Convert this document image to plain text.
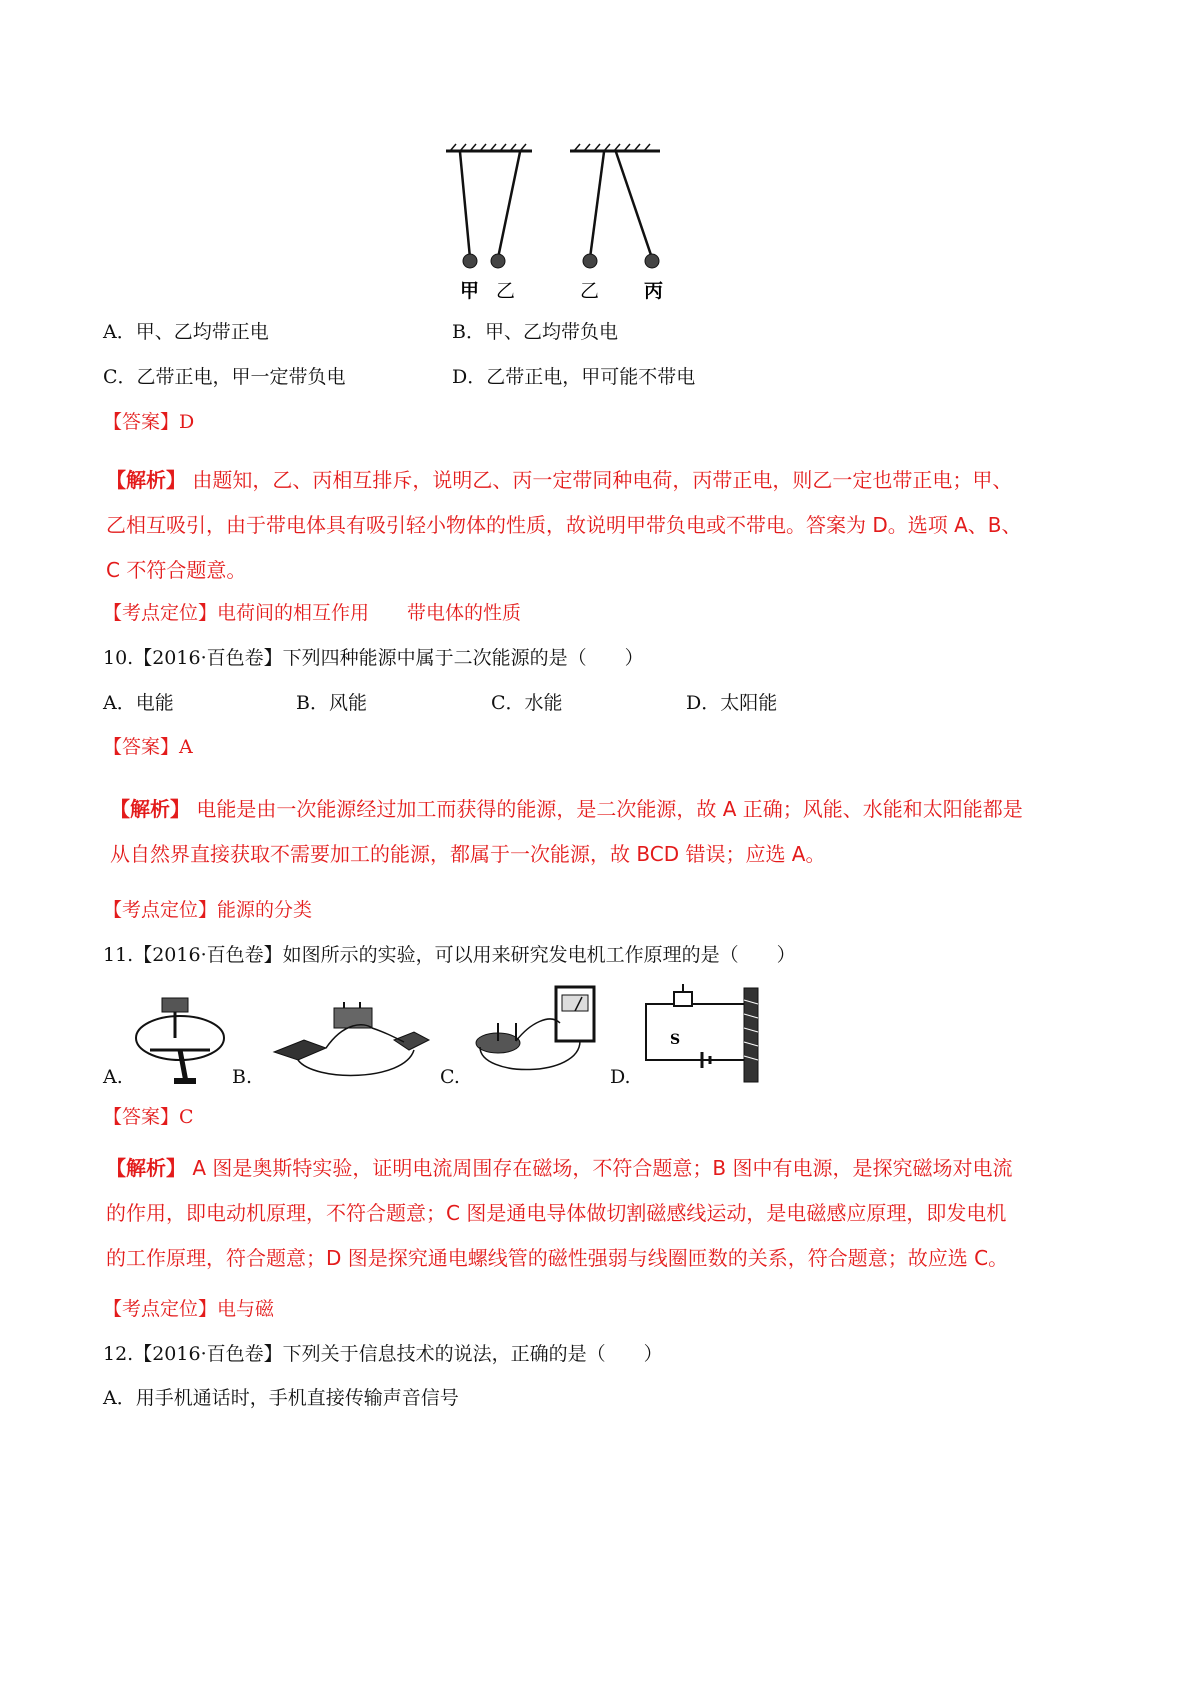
甲 乙	乙 丙
A．甲、乙均带正电	B．甲、乙均带负电
C．乙带正电，甲一定带负电	D．乙带正电，甲可能不带电
【答案】D
【解析】 由题知，乙、丙相互排斥，说明乙、丙一定带同种电荷，丙带正电，则乙一定也带正电；甲、乙相互吸引，由于带电体具有吸引轻小物体的性质，故说明甲带负电或不带电。答案为 D。选项 A、B、C 不符合题意。
【考点定位】电荷间的相互作用　　带电体的性质
10.【2016·百色卷】下列四种能源中属于二次能源的是（　　）
A．电能	B．风能	C．水能	D．太阳能
【答案】A
【解析】 电能是由一次能源经过加工而获得的能源，是二次能源，故 A 正确；风能、水能和太阳能都是从自然界直接获取不需要加工的能源，都属于一次能源，故 BCD 错误；应选 A。
【考点定位】能源的分类
11.【2016·百色卷】如图所示的实验，可以用来研究发电机工作原理的是（　　）
A.	B.	C.
S
D.
【答案】C
【解析】 A 图是奥斯特实验，证明电流周围存在磁场，不符合题意；B 图中有电源，是探究磁场对电流的作用，即电动机原理，不符合题意；C 图是通电导体做切割磁感线运动，是电磁感应原理，即发电机的工作原理，符合题意；D 图是探究通电螺线管的磁性强弱与线圈匝数的关系，符合题意；故应选 C。
【考点定位】电与磁
12.【2016·百色卷】下列关于信息技术的说法，正确的是（　　）
A．用手机通话时，手机直接传输声音信号
